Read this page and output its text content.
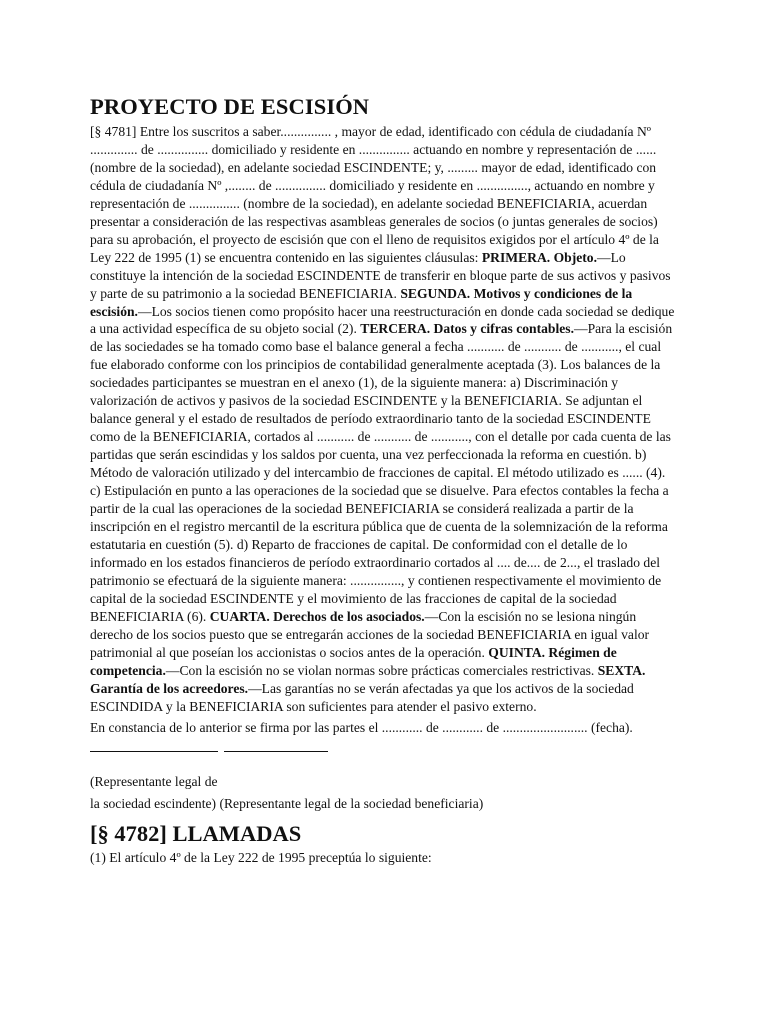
PROYECTO DE ESCISIÓN

[§ 4781] Entre los suscritos a saber............... , mayor de edad, identificado con cédula de ciudadanía Nº .............. de ............... domiciliado y residente en ............... actuando en nombre y representación de ...... (nombre de la sociedad), en adelante sociedad ESCINDENTE; y, ......... mayor de edad, identificado con cédula de ciudadanía Nº ,........ de ............... domiciliado y residente en ..............., actuando en nombre y representación de ............... (nombre de la sociedad), en adelante sociedad BENEFICIARIA, acuerdan presentar a consideración de las respectivas asambleas generales de socios (o juntas generales de socios) para su aprobación, el proyecto de escisión que con el lleno de requisitos exigidos por el artículo 4º de la Ley 222 de 1995 (1) se encuentra contenido en las siguientes cláusulas: PRIMERA. Objeto.—Lo constituye la intención de la sociedad ESCINDENTE de transferir en bloque parte de sus activos y pasivos y parte de su patrimonio a la sociedad BENEFICIARIA. SEGUNDA. Motivos y condiciones de la escisión.—Los socios tienen como propósito hacer una reestructuración en donde cada sociedad se dedique a una actividad específica de su objeto social (2). TERCERA. Datos y cifras contables.—Para la escisión de las sociedades se ha tomado como base el balance general a fecha ........... de ........... de ..........., el cual fue elaborado conforme con los principios de contabilidad generalmente aceptada (3). Los balances de la sociedades participantes se muestran en el anexo (1), de la siguiente manera: a) Discriminación y valorización de activos y pasivos de la sociedad ESCINDENTE y la BENEFICIARIA. Se adjuntan el balance general y el estado de resultados de período extraordinario tanto de la sociedad ESCINDENTE como de la BENEFICIARIA, cortados al ........... de ........... de ..........., con el detalle por cada cuenta de las partidas que serán escindidas y los saldos por cuenta, una vez perfeccionada la reforma en cuestión. b) Método de valoración utilizado y del intercambio de fracciones de capital. El método utilizado es ...... (4). c) Estipulación en punto a las operaciones de la sociedad que se disuelve. Para efectos contables la fecha a partir de la cual las operaciones de la sociedad BENEFICIARIA se considerá realizada a partir de la inscripción en el registro mercantil de la escritura pública que de cuenta de la solemnización de la reforma estatutaria en cuestión (5). d) Reparto de fracciones de capital. De conformidad con el detalle de lo informado en los estados financieros de período extraordinario cortados al .... de.... de 2..., el traslado del patrimonio se efectuará de la siguiente manera: ..............., y contienen respectivamente el movimiento de capital de la sociedad ESCINDENTE y el movimiento de las fracciones de capital de la sociedad BENEFICIARIA (6). CUARTA. Derechos de los asociados.—Con la escisión no se lesiona ningún derecho de los socios puesto que se entregarán acciones de la sociedad BENEFICIARIA en igual valor patrimonial al que poseían los accionistas o socios antes de la operación. QUINTA. Régimen de competencia.—Con la escisión no se violan normas sobre prácticas comerciales restrictivas. SEXTA. Garantía de los acreedores.—Las garantías no se verán afectadas ya que los activos de la sociedad ESCINDIDA y la BENEFICIARIA son suficientes para atender el pasivo externo.

En constancia de lo anterior se firma por las partes el ............ de ............ de ......................... (fecha).

(Representante legal de

la sociedad escindente) (Representante legal de la sociedad beneficiaria)

[§ 4782] LLAMADAS

(1) El artículo 4º de la Ley 222 de 1995 preceptúa lo siguiente:
